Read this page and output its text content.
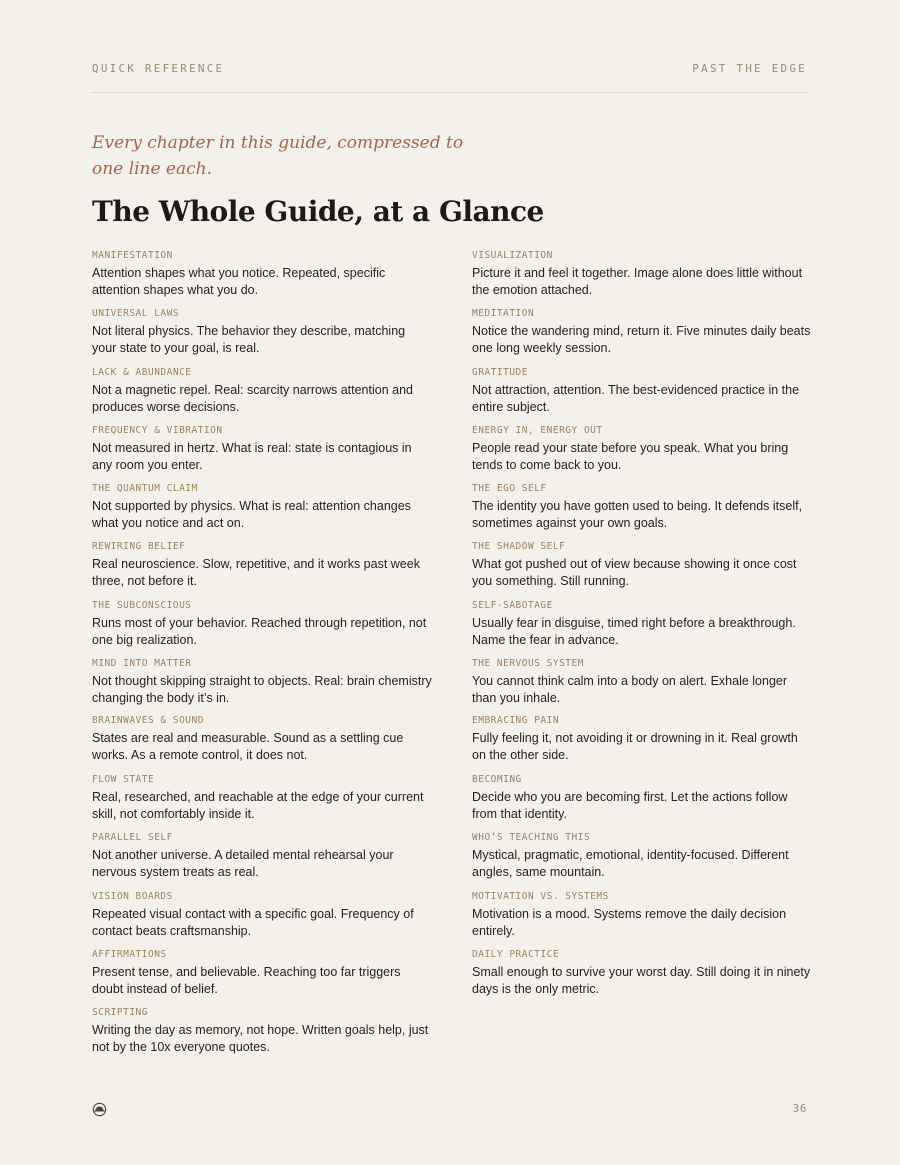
QUICK REFERENCE	PAST THE EDGE
Every chapter in this guide, compressed to one line each.
The Whole Guide, at a Glance
MANIFESTATION
Attention shapes what you notice. Repeated, specific attention shapes what you do.
UNIVERSAL LAWS
Not literal physics. The behavior they describe, matching your state to your goal, is real.
LACK & ABUNDANCE
Not a magnetic repel. Real: scarcity narrows attention and produces worse decisions.
FREQUENCY & VIBRATION
Not measured in hertz. What is real: state is contagious in any room you enter.
THE QUANTUM CLAIM
Not supported by physics. What is real: attention changes what you notice and act on.
REWIRING BELIEF
Real neuroscience. Slow, repetitive, and it works past week three, not before it.
THE SUBCONSCIOUS
Runs most of your behavior. Reached through repetition, not one big realization.
MIND INTO MATTER
Not thought skipping straight to objects. Real: brain chemistry changing the body it’s in.
BRAINWAVES & SOUND
States are real and measurable. Sound as a settling cue works. As a remote control, it does not.
FLOW STATE
Real, researched, and reachable at the edge of your current skill, not comfortably inside it.
PARALLEL SELF
Not another universe. A detailed mental rehearsal your nervous system treats as real.
VISION BOARDS
Repeated visual contact with a specific goal. Frequency of contact beats craftsmanship.
AFFIRMATIONS
Present tense, and believable. Reaching too far triggers doubt instead of belief.
SCRIPTING
Writing the day as memory, not hope. Written goals help, just not by the 10x everyone quotes.
VISUALIZATION
Picture it and feel it together. Image alone does little without the emotion attached.
MEDITATION
Notice the wandering mind, return it. Five minutes daily beats one long weekly session.
GRATITUDE
Not attraction, attention. The best-evidenced practice in the entire subject.
ENERGY IN, ENERGY OUT
People read your state before you speak. What you bring tends to come back to you.
THE EGO SELF
The identity you have gotten used to being. It defends itself, sometimes against your own goals.
THE SHADOW SELF
What got pushed out of view because showing it once cost you something. Still running.
SELF-SABOTAGE
Usually fear in disguise, timed right before a breakthrough. Name the fear in advance.
THE NERVOUS SYSTEM
You cannot think calm into a body on alert. Exhale longer than you inhale.
EMBRACING PAIN
Fully feeling it, not avoiding it or drowning in it. Real growth on the other side.
BECOMING
Decide who you are becoming first. Let the actions follow from that identity.
WHO’S TEACHING THIS
Mystical, pragmatic, emotional, identity-focused. Different angles, same mountain.
MOTIVATION VS. SYSTEMS
Motivation is a mood. Systems remove the daily decision entirely.
DAILY PRACTICE
Small enough to survive your worst day. Still doing it in ninety days is the only metric.
36
